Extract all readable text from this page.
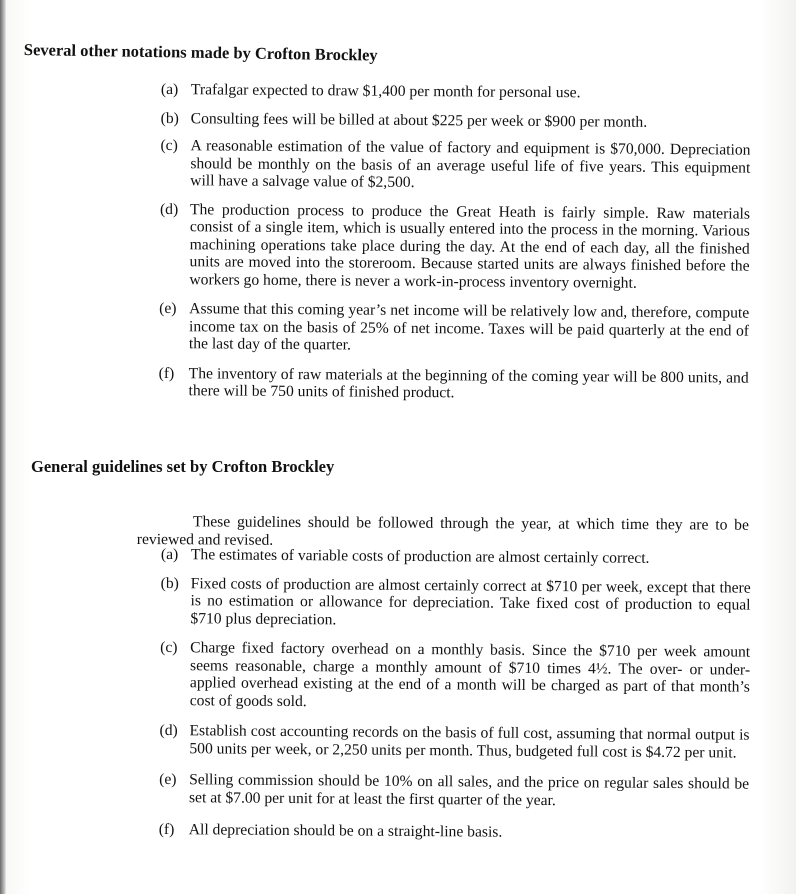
Several other notations made by Crofton Brockley
(a) Trafalgar expected to draw $1,400 per month for personal use.
(b) Consulting fees will be billed at about $225 per week or $900 per month.
(c) A reasonable estimation of the value of factory and equipment is $70,000. Depreciation should be monthly on the basis of an average useful life of five years. This equipment will have a salvage value of $2,500.
(d) The production process to produce the Great Heath is fairly simple. Raw materials consist of a single item, which is usually entered into the process in the morning. Various machining operations take place during the day. At the end of each day, all the finished units are moved into the storeroom. Because started units are always finished before the workers go home, there is never a work-in-process inventory overnight.
(e) Assume that this coming year’s net income will be relatively low and, therefore, compute income tax on the basis of 25% of net income. Taxes will be paid quarterly at the end of the last day of the quarter.
(f) The inventory of raw materials at the beginning of the coming year will be 800 units, and there will be 750 units of finished product.
General guidelines set by Crofton Brockley

These guidelines should be followed through the year, at which time they are to be reviewed and revised.

(a) The estimates of variable costs of production are almost certainly correct.
(b) Fixed costs of production are almost certainly correct at $710 per week, except that there is no estimation or allowance for depreciation. Take fixed cost of production to equal $710 plus depreciation.
(c) Charge fixed factory overhead on a monthly basis. Since the $710 per week amount seems reasonable, charge a monthly amount of $710 times 4½. The over- or under-applied overhead existing at the end of a month will be charged as part of that month’s cost of goods sold.
(d) Establish cost accounting records on the basis of full cost, assuming that normal output is 500 units per week, or 2,250 units per month. Thus, budgeted full cost is $4.72 per unit.
(e) Selling commission should be 10% on all sales, and the price on regular sales should be set at $7.00 per unit for at least the first quarter of the year.
(f) All depreciation should be on a straight-line basis.
